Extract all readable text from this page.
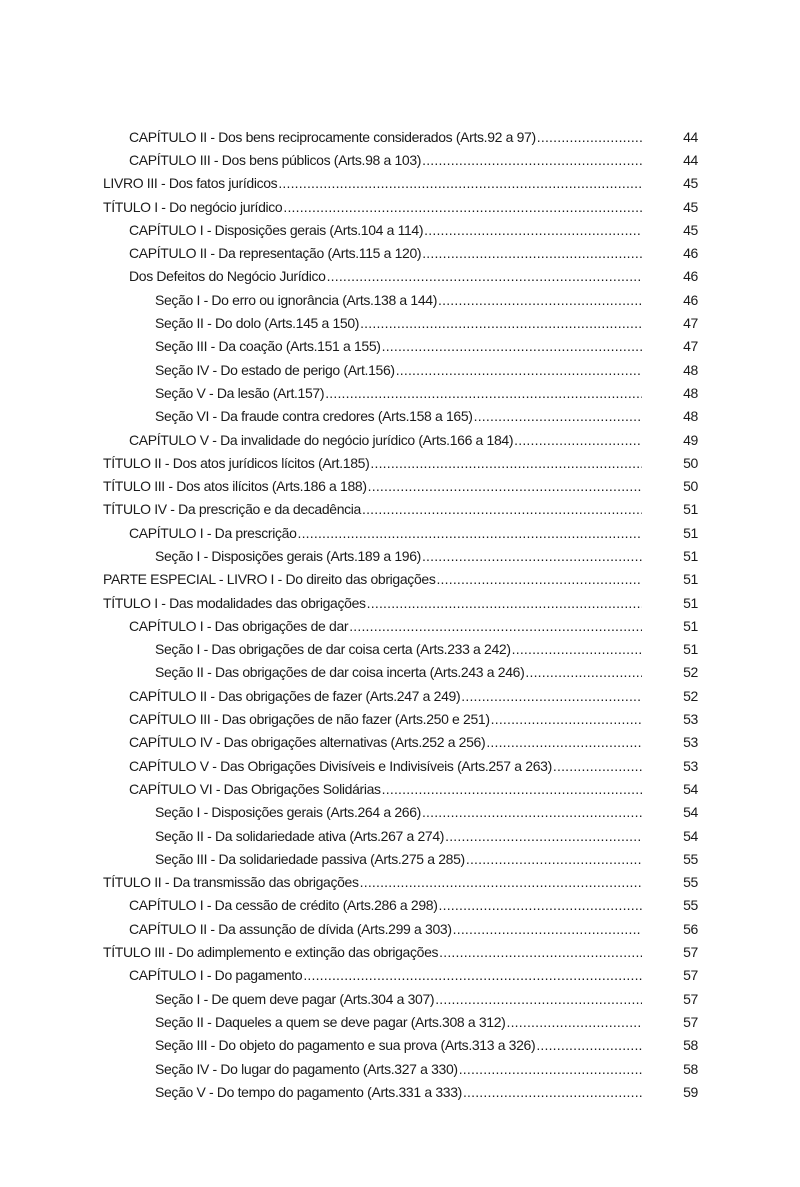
CAPÍTULO II - Dos bens reciprocamente considerados (Arts.92 a 97) .....	44
CAPÍTULO III - Dos bens públicos (Arts.98 a 103) .....	44
LIVRO III - Dos fatos jurídicos .....	45
TÍTULO I - Do negócio jurídico .....	45
CAPÍTULO I - Disposições gerais (Arts.104 a 114) .....	45
CAPÍTULO II - Da representação (Arts.115 a 120) .....	46
Dos Defeitos do Negócio Jurídico .....	46
Seção I - Do erro ou ignorância (Arts.138 a 144) .....	46
Seção II - Do dolo (Arts.145 a 150) .....	47
Seção III - Da coação (Arts.151 a 155) .....	47
Seção IV - Do estado de perigo (Art.156) .....	48
Seção V - Da lesão (Art.157) .....	48
Seção VI - Da fraude contra credores (Arts.158 a 165) .....	48
CAPÍTULO V - Da invalidade do negócio jurídico (Arts.166 a 184) .....	49
TÍTULO II - Dos atos jurídicos lícitos (Art.185) .....	50
TÍTULO III - Dos atos ilícitos (Arts.186 a 188) .....	50
TÍTULO IV - Da prescrição e da decadência .....	51
CAPÍTULO I - Da prescrição .....	51
Seção I - Disposições gerais (Arts.189 a 196) .....	51
PARTE ESPECIAL - LIVRO I - Do direito das obrigações .....	51
TÍTULO I - Das modalidades das obrigações .....	51
CAPÍTULO I - Das obrigações de dar .....	51
Seção I - Das obrigações de dar coisa certa (Arts.233 a 242) .....	51
Seção II - Das obrigações de dar coisa incerta (Arts.243 a 246) .....	52
CAPÍTULO II - Das obrigações de fazer (Arts.247 a 249) .....	52
CAPÍTULO III - Das obrigações de não fazer (Arts.250 e 251) .....	53
CAPÍTULO IV - Das obrigações alternativas (Arts.252 a 256) .....	53
CAPÍTULO V - Das Obrigações Divisíveis e Indivisíveis (Arts.257 a 263) .....	53
CAPÍTULO VI - Das Obrigações Solidárias .....	54
Seção I - Disposições gerais (Arts.264 a 266) .....	54
Seção II - Da solidariedade ativa (Arts.267 a 274) .....	54
Seção III - Da solidariedade passiva (Arts.275 a 285) .....	55
TÍTULO II - Da transmissão das obrigações .....	55
CAPÍTULO I - Da cessão de crédito (Arts.286 a 298) .....	55
CAPÍTULO II - Da assunção de dívida (Arts.299 a 303) .....	56
TÍTULO III - Do adimplemento e extinção das obrigações .....	57
CAPÍTULO I - Do pagamento .....	57
Seção I - De quem deve pagar (Arts.304 a 307) .....	57
Seção II - Daqueles a quem se deve pagar (Arts.308 a 312) .....	57
Seção III - Do objeto do pagamento e sua prova (Arts.313 a 326) .....	58
Seção IV - Do lugar do pagamento (Arts.327 a 330) .....	58
Seção V - Do tempo do pagamento (Arts.331 a 333) .....	59
